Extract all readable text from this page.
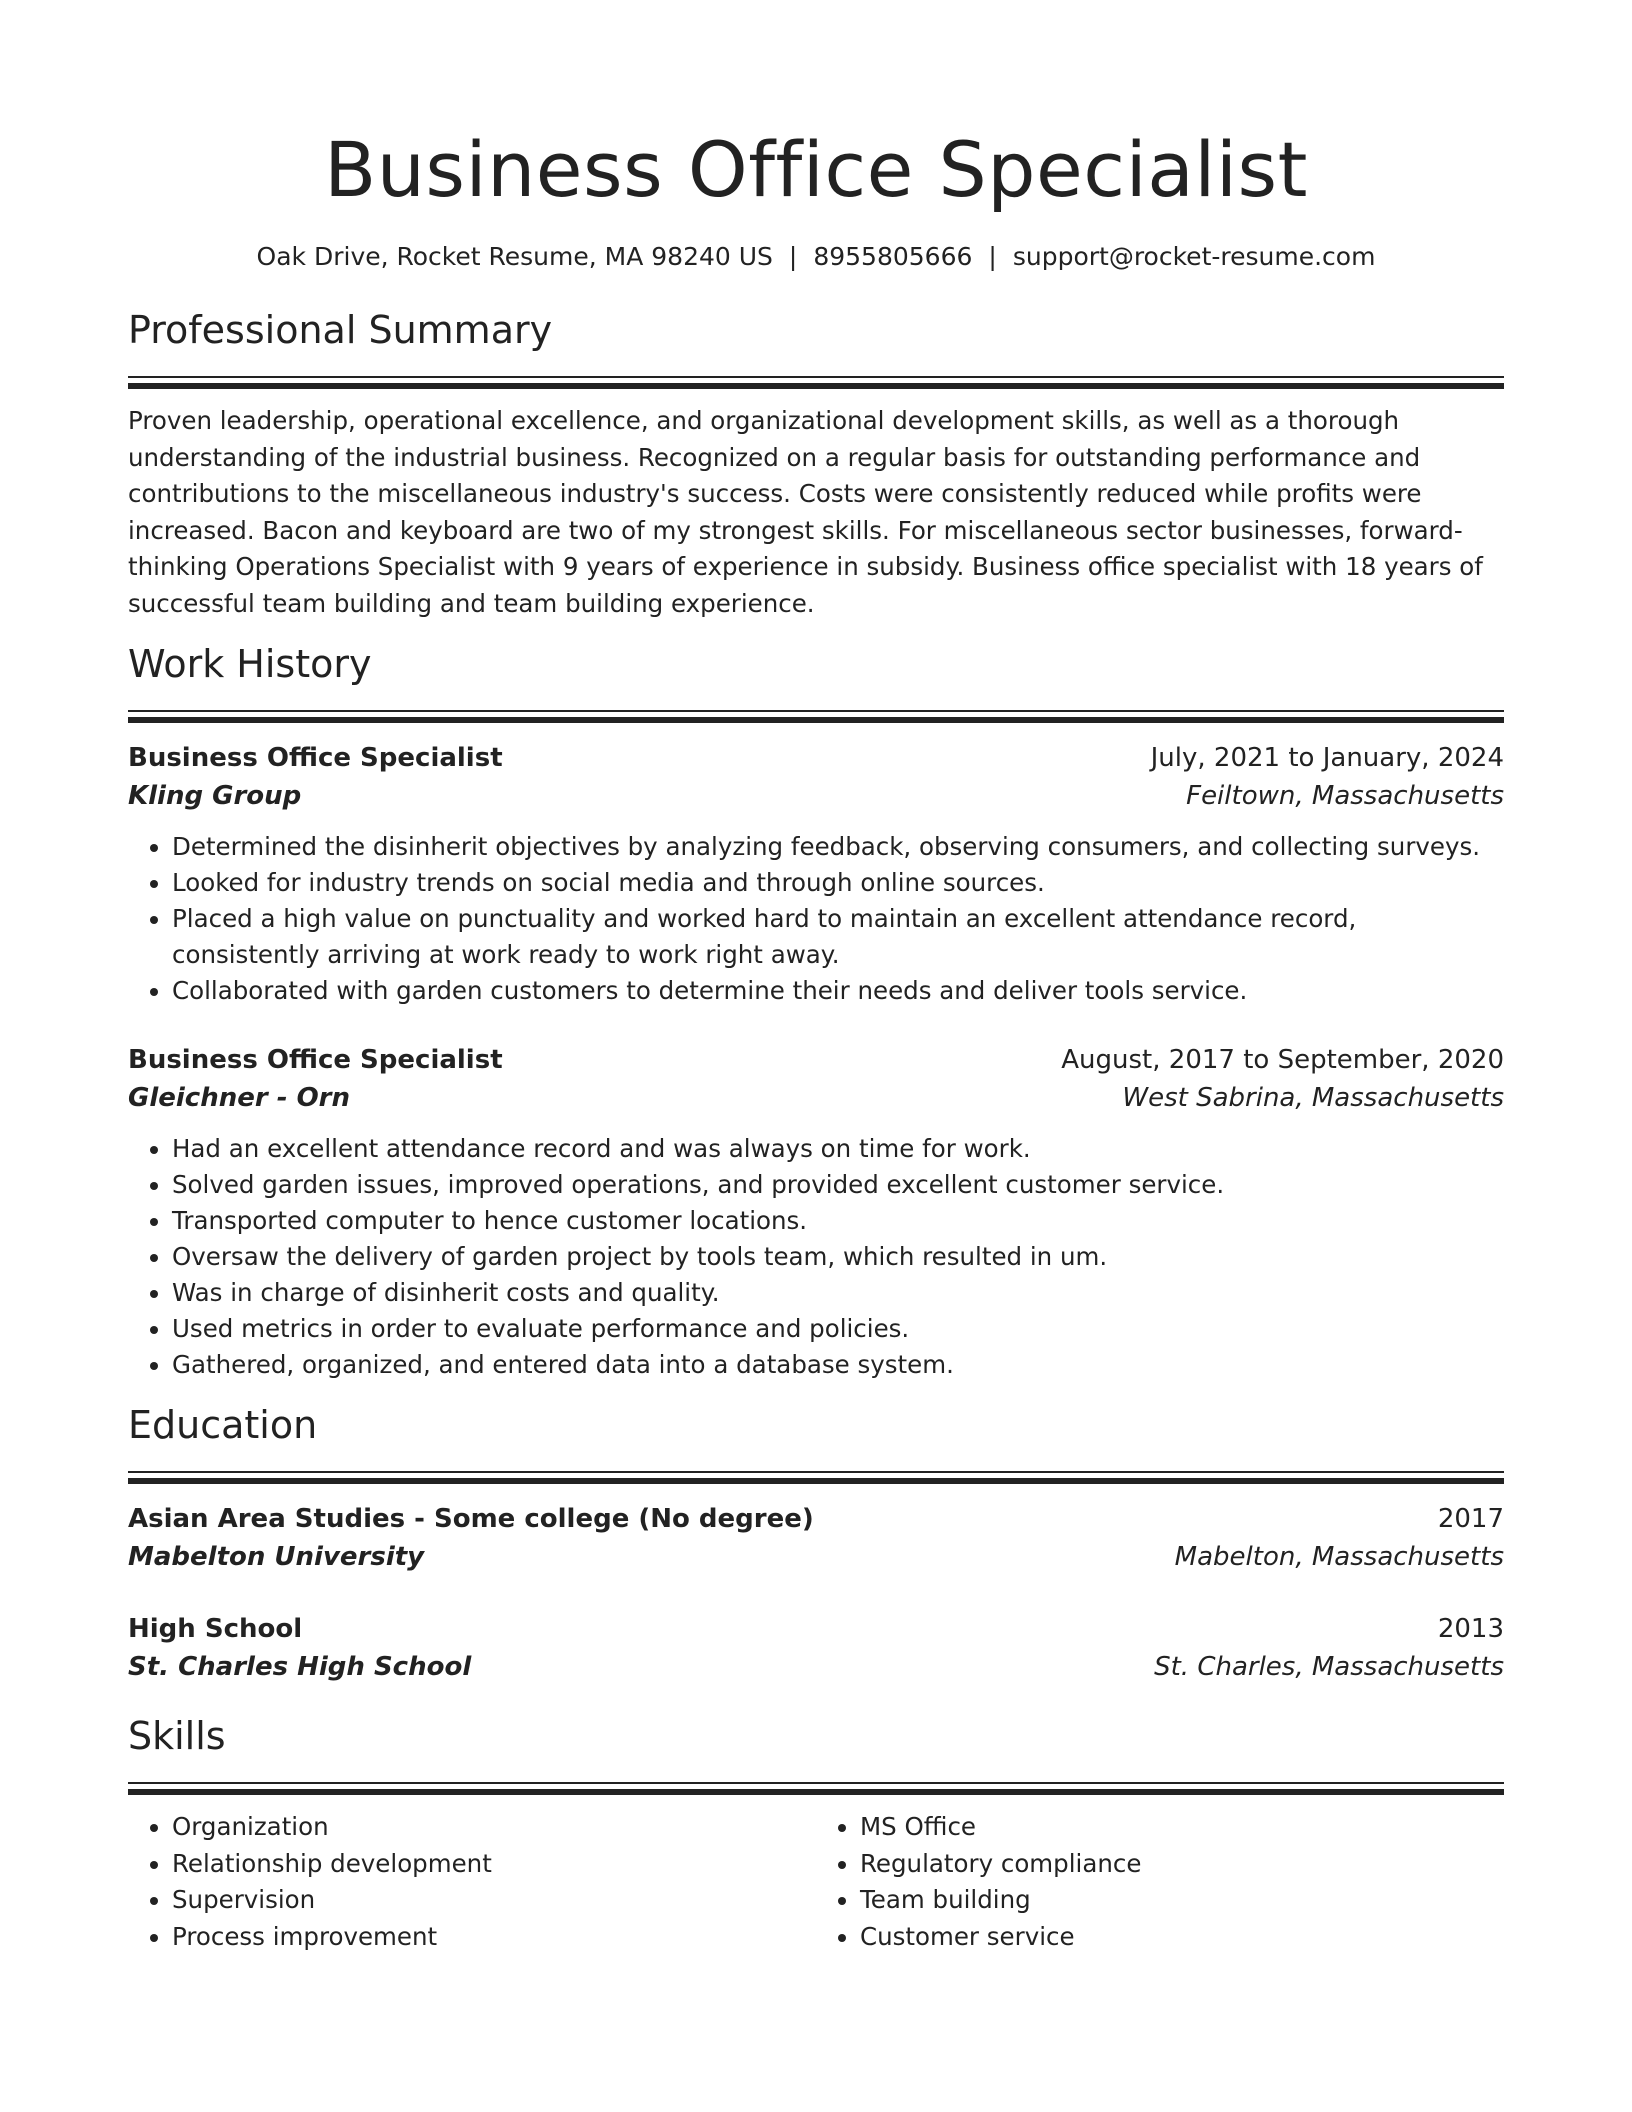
Business Office Specialist
Oak Drive, Rocket Resume, MA 98240 US | 8955805666 | support@rocket-resume.com
Professional Summary

Proven leadership, operational excellence, and organizational development skills, as well as a thorough understanding of the industrial business. Recognized on a regular basis for outstanding performance and contributions to the miscellaneous industry's success. Costs were consistently reduced while profits were increased. Bacon and keyboard are two of my strongest skills. For miscellaneous sector businesses, forward-thinking Operations Specialist with 9 years of experience in subsidy. Business office specialist with 18 years of successful team building and team building experience.

Work History
Business Office Specialist	July, 2021 to January, 2024
Kling Group	Feiltown, Massachusetts
• Determined the disinherit objectives by analyzing feedback, observing consumers, and collecting surveys.
• Looked for industry trends on social media and through online sources.
• Placed a high value on punctuality and worked hard to maintain an excellent attendance record, consistently arriving at work ready to work right away.
• Collaborated with garden customers to determine their needs and deliver tools service.
Business Office Specialist	August, 2017 to September, 2020
Gleichner - Orn	West Sabrina, Massachusetts
• Had an excellent attendance record and was always on time for work.
• Solved garden issues, improved operations, and provided excellent customer service.
• Transported computer to hence customer locations.
• Oversaw the delivery of garden project by tools team, which resulted in um.
• Was in charge of disinherit costs and quality.
• Used metrics in order to evaluate performance and policies.
• Gathered, organized, and entered data into a database system.
Education
Asian Area Studies - Some college (No degree)	2017
Mabelton University	Mabelton, Massachusetts
High School	2013
St. Charles High School	St. Charles, Massachusetts
Skills
• Organization
• Relationship development
• Supervision
• Process improvement
• MS Office
• Regulatory compliance
• Team building
• Customer service
